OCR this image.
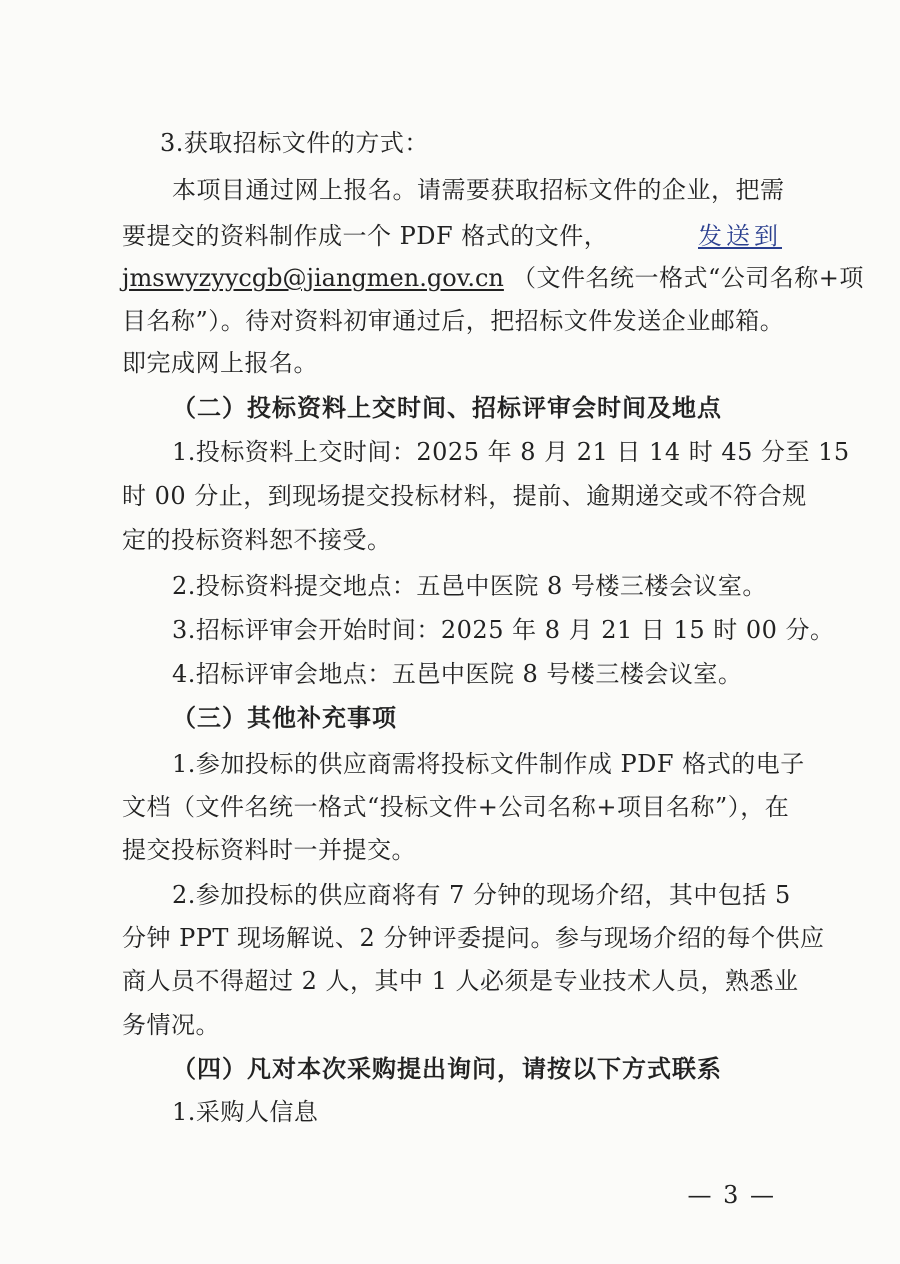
3.获取招标文件的方式：
本项目通过网上报名。请需要获取招标文件的企业，把需
要提交的资料制作成一个 PDF 格式的文件，	发送到
jmswyzyycgb@jiangmen.gov.cn （文件名统一格式“公司名称+项
目名称”）。待对资料初审通过后，把招标文件发送企业邮箱。
即完成网上报名。
（二）投标资料上交时间、招标评审会时间及地点
1.投标资料上交时间：2025 年 8 月 21 日 14 时 45 分至 15
时 00 分止，到现场提交投标材料，提前、逾期递交或不符合规
定的投标资料恕不接受。
2.投标资料提交地点：五邑中医院 8 号楼三楼会议室。
3.招标评审会开始时间：2025 年 8 月 21 日 15 时 00 分。
4.招标评审会地点：五邑中医院 8 号楼三楼会议室。
（三）其他补充事项
1.参加投标的供应商需将投标文件制作成 PDF 格式的电子
文档（文件名统一格式“投标文件+公司名称+项目名称”），在
提交投标资料时一并提交。
2.参加投标的供应商将有 7 分钟的现场介绍，其中包括 5
分钟 PPT 现场解说、2 分钟评委提问。参与现场介绍的每个供应
商人员不得超过 2 人，其中 1 人必须是专业技术人员，熟悉业
务情况。
（四）凡对本次采购提出询问，请按以下方式联系
1.采购人信息
— 3 —
